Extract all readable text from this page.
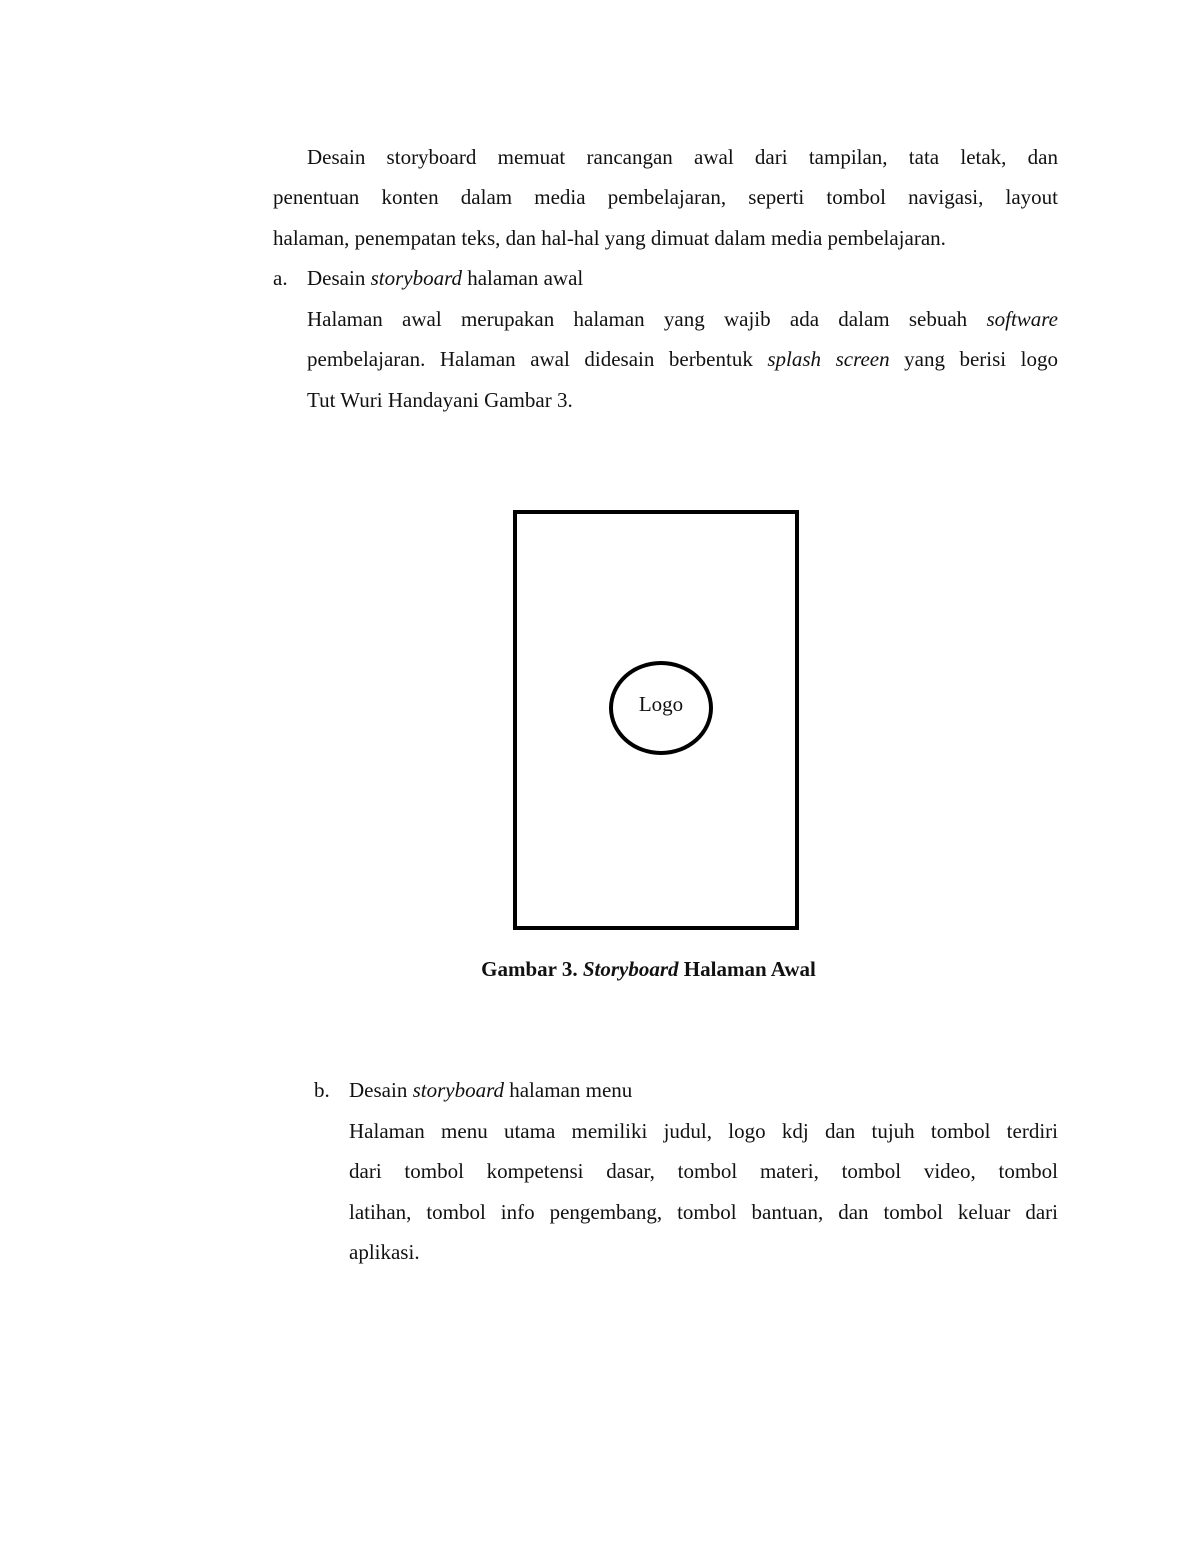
Desain storyboard memuat rancangan awal dari tampilan, tata letak, dan
penentuan konten dalam media pembelajaran, seperti tombol navigasi, layout
halaman, penempatan teks, dan hal-hal yang dimuat dalam media pembelajaran.
a. Desain storyboard halaman awal
Halaman awal merupakan halaman yang wajib ada dalam sebuah software
pembelajaran. Halaman awal didesain berbentuk splash screen yang berisi logo
Tut Wuri Handayani Gambar 3.
Logo
Gambar 3. Storyboard Halaman Awal
b. Desain storyboard halaman menu
Halaman menu utama memiliki judul, logo kdj dan tujuh tombol terdiri
dari tombol kompetensi dasar, tombol materi, tombol video, tombol
latihan, tombol info pengembang, tombol bantuan, dan tombol keluar dari
aplikasi.
